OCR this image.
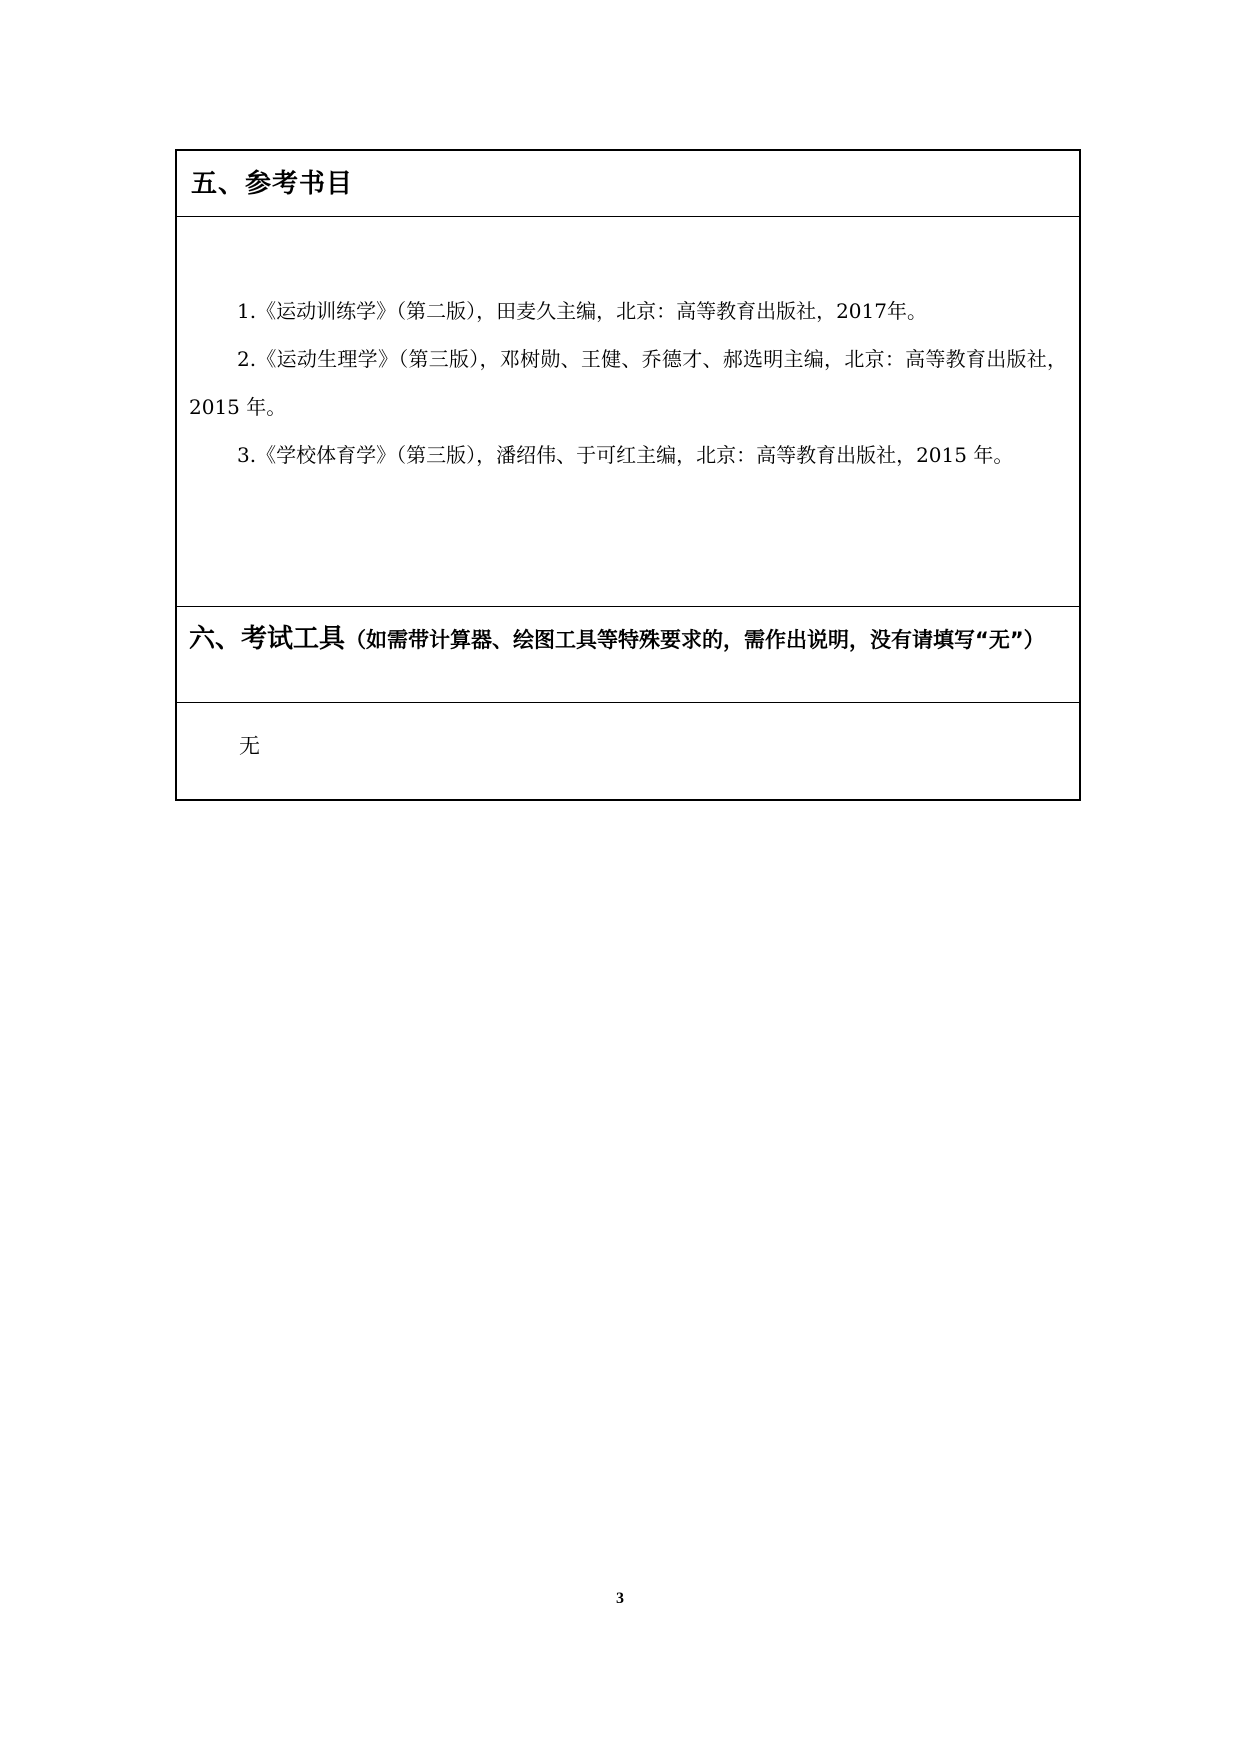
五、参考书目

1.《运动训练学》（第二版），田麦久主编，北京：高等教育出版社，2017年。

2.《运动生理学》（第三版），邓树勋、王健、乔德才、郝选明主编，北京：高等教育出版社，2015 年。

3.《学校体育学》（第三版），潘绍伟、于可红主编，北京：高等教育出版社，2015 年。

六、考试工具（如需带计算器、绘图工具等特殊要求的，需作出说明，没有请填写“无”）
无
3
